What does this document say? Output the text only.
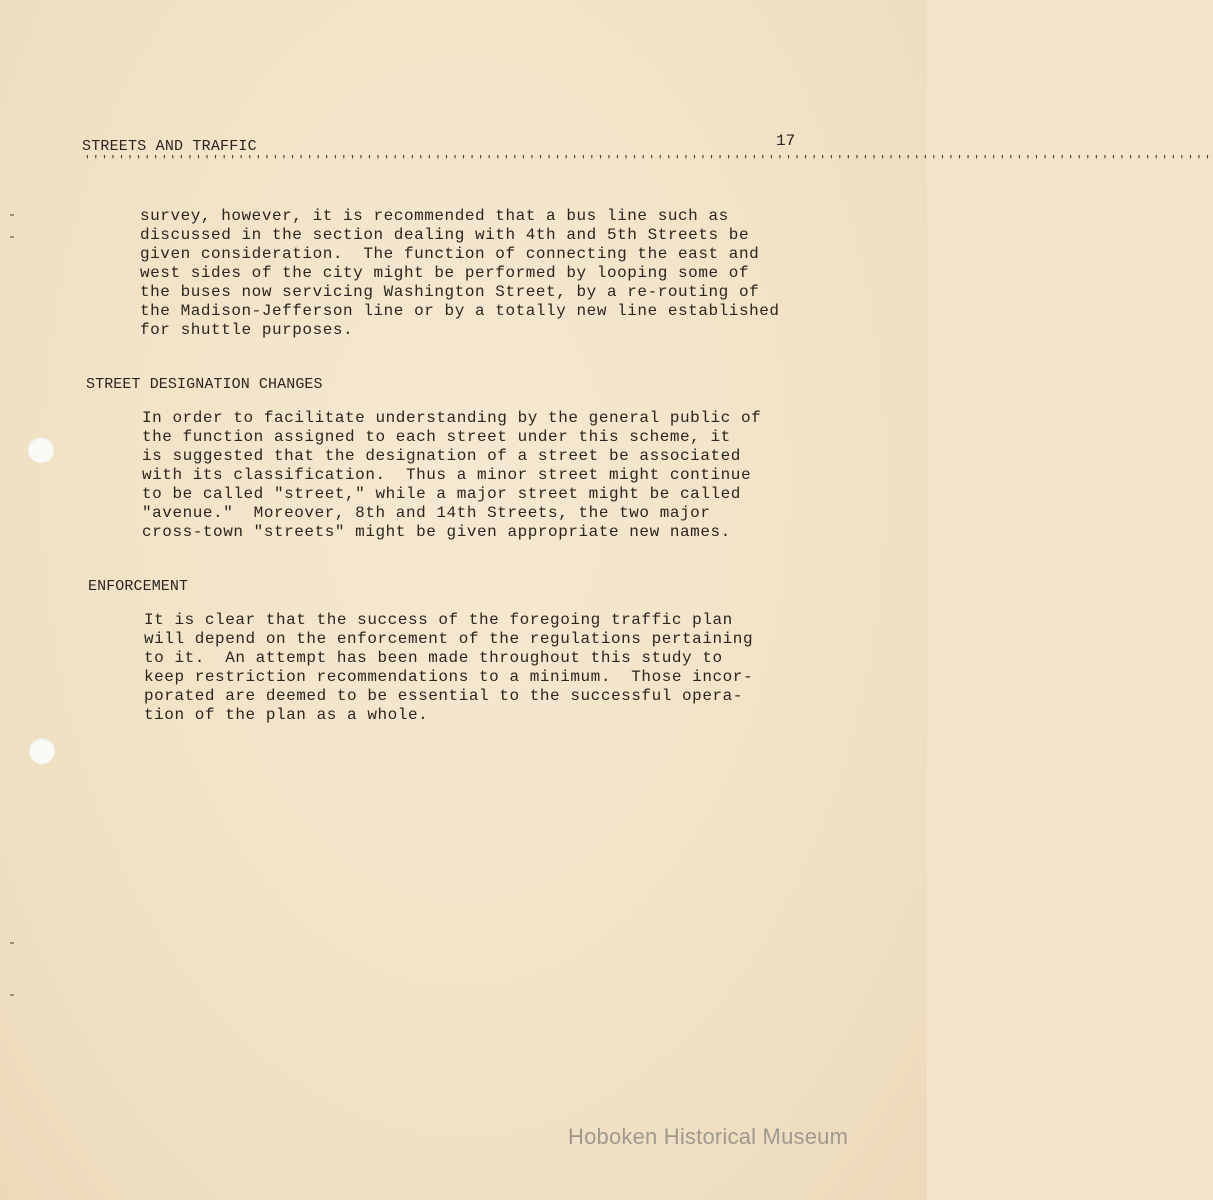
STREETS AND TRAFFIC	17
''''''''''''''''''''''''''''''''''''''''''''''''''''''''''''''''''''''''''''''''''''''''''''''''''''''''''''''''''''''''''''''''''''
survey, however, it is recommended that a bus line such as
discussed in the section dealing with 4th and 5th Streets be
given consideration.  The function of connecting the east and
west sides of the city might be performed by looping some of
the buses now servicing Washington Street, by a re-routing of
the Madison-Jefferson line or by a totally new line established
for shuttle purposes.
STREET DESIGNATION CHANGES
In order to facilitate understanding by the general public of
the function assigned to each street under this scheme, it
is suggested that the designation of a street be associated
with its classification.  Thus a minor street might continue
to be called "street," while a major street might be called
"avenue."  Moreover, 8th and 14th Streets, the two major
cross-town "streets" might be given appropriate new names.
ENFORCEMENT
It is clear that the success of the foregoing traffic plan
will depend on the enforcement of the regulations pertaining
to it.  An attempt has been made throughout this study to
keep restriction recommendations to a minimum.  Those incor-
porated are deemed to be essential to the successful opera-
tion of the plan as a whole.
Hoboken Historical Museum
